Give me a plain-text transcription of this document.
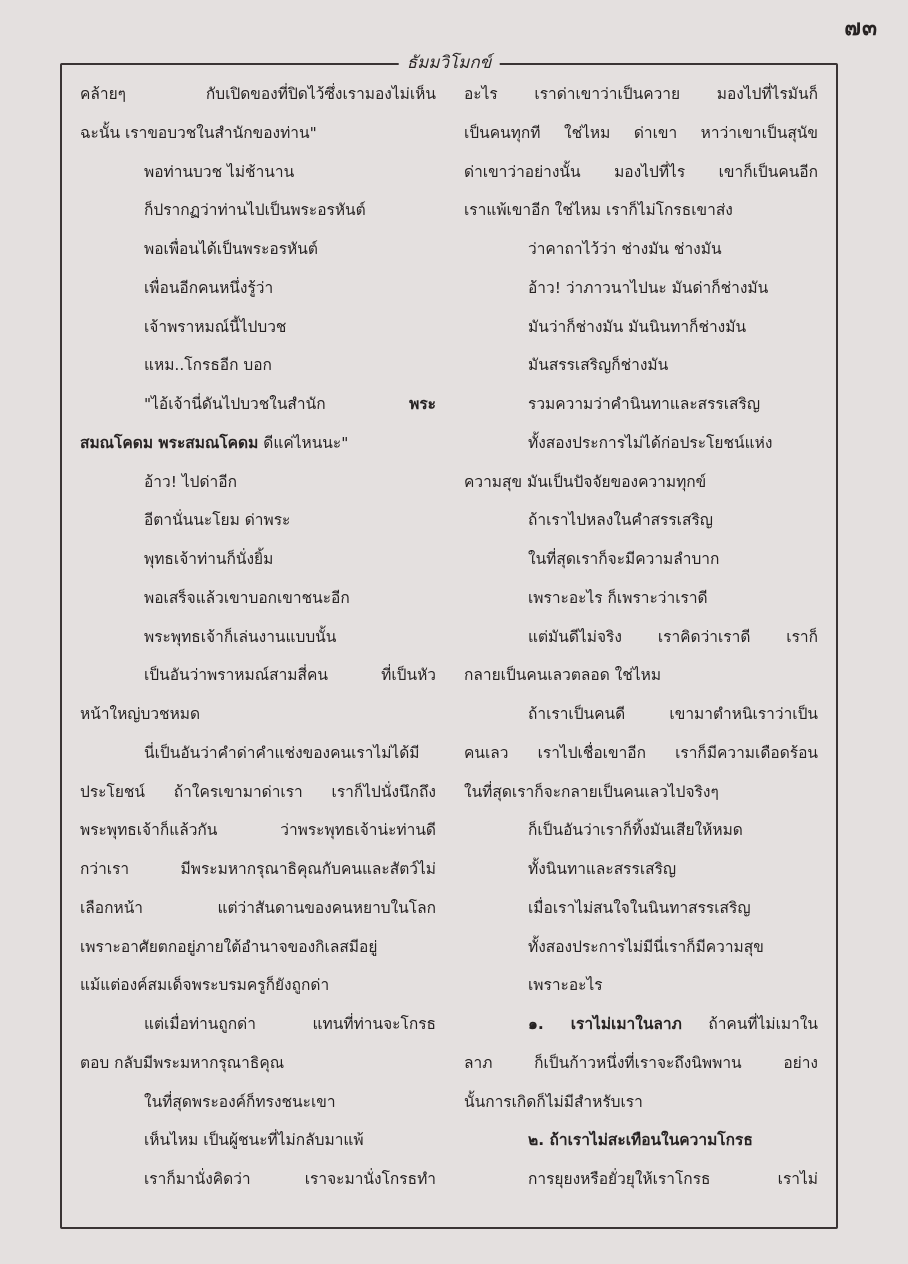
๗๓
ธัมมวิโมกข์
คล้ายๆ กับเปิดของที่ปิดไว้ซึ่งเรามองไม่เห็น
ฉะนั้น เราขอบวชในสำนักของท่าน"
พอท่านบวช ไม่ช้านาน
ก็ปรากฏว่าท่านไปเป็นพระอรหันต์
พอเพื่อนได้เป็นพระอรหันต์
เพื่อนอีกคนหนึ่งรู้ว่า
เจ้าพราหมณ์นี้ไปบวช
แหม..โกรธอีก บอก
"ไอ้เจ้านี่ดันไปบวชในสำนัก พระ
สมณโคดม พระสมณโคดม ดีแค่ไหนนะ"
อ้าว! ไปด่าอีก
อีตานั่นนะโยม ด่าพระ
พุทธเจ้าท่านก็นั่งยิ้ม
พอเสร็จแล้วเขาบอกเขาชนะอีก
พระพุทธเจ้าก็เล่นงานแบบนั้น
เป็นอันว่าพราหมณ์สามสี่คน ที่เป็นหัว
หน้าใหญ่บวชหมด
นี่เป็นอันว่าคำด่าคำแช่งของคนเราไม่ได้มี
ประโยชน์ ถ้าใครเขามาด่าเรา เราก็ไปนั่งนึกถึง
พระพุทธเจ้าก็แล้วกัน ว่าพระพุทธเจ้าน่ะท่านดี
กว่าเรา มีพระมหากรุณาธิคุณกับคนและสัตว์ไม่
เลือกหน้า แต่ว่าสันดานของคนหยาบในโลก
เพราะอาศัยตกอยู่ภายใต้อำนาจของกิเลสมีอยู่
แม้แต่องค์สมเด็จพระบรมครูก็ยังถูกด่า
แต่เมื่อท่านถูกด่า แทนที่ท่านจะโกรธ
ตอบ กลับมีพระมหากรุณาธิคุณ
ในที่สุดพระองค์ก็ทรงชนะเขา
เห็นไหม เป็นผู้ชนะที่ไม่กลับมาแพ้
เราก็มานั่งคิดว่า เราจะมานั่งโกรธทำ
อะไร เราด่าเขาว่าเป็นควาย มองไปที่ไรมันก็
เป็นคนทุกที ใช่ไหม ด่าเขา หาว่าเขาเป็นสุนัข
ด่าเขาว่าอย่างนั้น มองไปที่ไร เขาก็เป็นคนอีก
เราแพ้เขาอีก ใช่ไหม เราก็ไม่โกรธเขาส่ง
ว่าคาถาไว้ว่า ช่างมัน ช่างมัน
อ้าว! ว่าภาวนาไปนะ มันด่าก็ช่างมัน
มันว่าก็ช่างมัน มันนินทาก็ช่างมัน
มันสรรเสริญก็ช่างมัน
รวมความว่าคำนินทาและสรรเสริญ
ทั้งสองประการไม่ได้ก่อประโยชน์แห่ง
ความสุข มันเป็นปัจจัยของความทุกข์
ถ้าเราไปหลงในคำสรรเสริญ
ในที่สุดเราก็จะมีความลำบาก
เพราะอะไร ก็เพราะว่าเราดี
แต่มันดีไม่จริง เราคิดว่าเราดี เราก็
กลายเป็นคนเลวตลอด ใช่ไหม
ถ้าเราเป็นคนดี เขามาตำหนิเราว่าเป็น
คนเลว เราไปเชื่อเขาอีก เราก็มีความเดือดร้อน
ในที่สุดเราก็จะกลายเป็นคนเลวไปจริงๆ
ก็เป็นอันว่าเราก็ทิ้งมันเสียให้หมด
ทั้งนินทาและสรรเสริญ
เมื่อเราไม่สนใจในนินทาสรรเสริญ
ทั้งสองประการไม่มีนี่เราก็มีความสุข
เพราะอะไร
๑. เราไม่เมาในลาภ ถ้าคนที่ไม่เมาใน
ลาภ ก็เป็นก้าวหนึ่งที่เราจะถึงนิพพาน อย่าง
นั้นการเกิดก็ไม่มีสำหรับเรา
๒. ถ้าเราไม่สะเทือนในความโกรธ
การยุยงหรือยั่วยุให้เราโกรธ เราไม่
